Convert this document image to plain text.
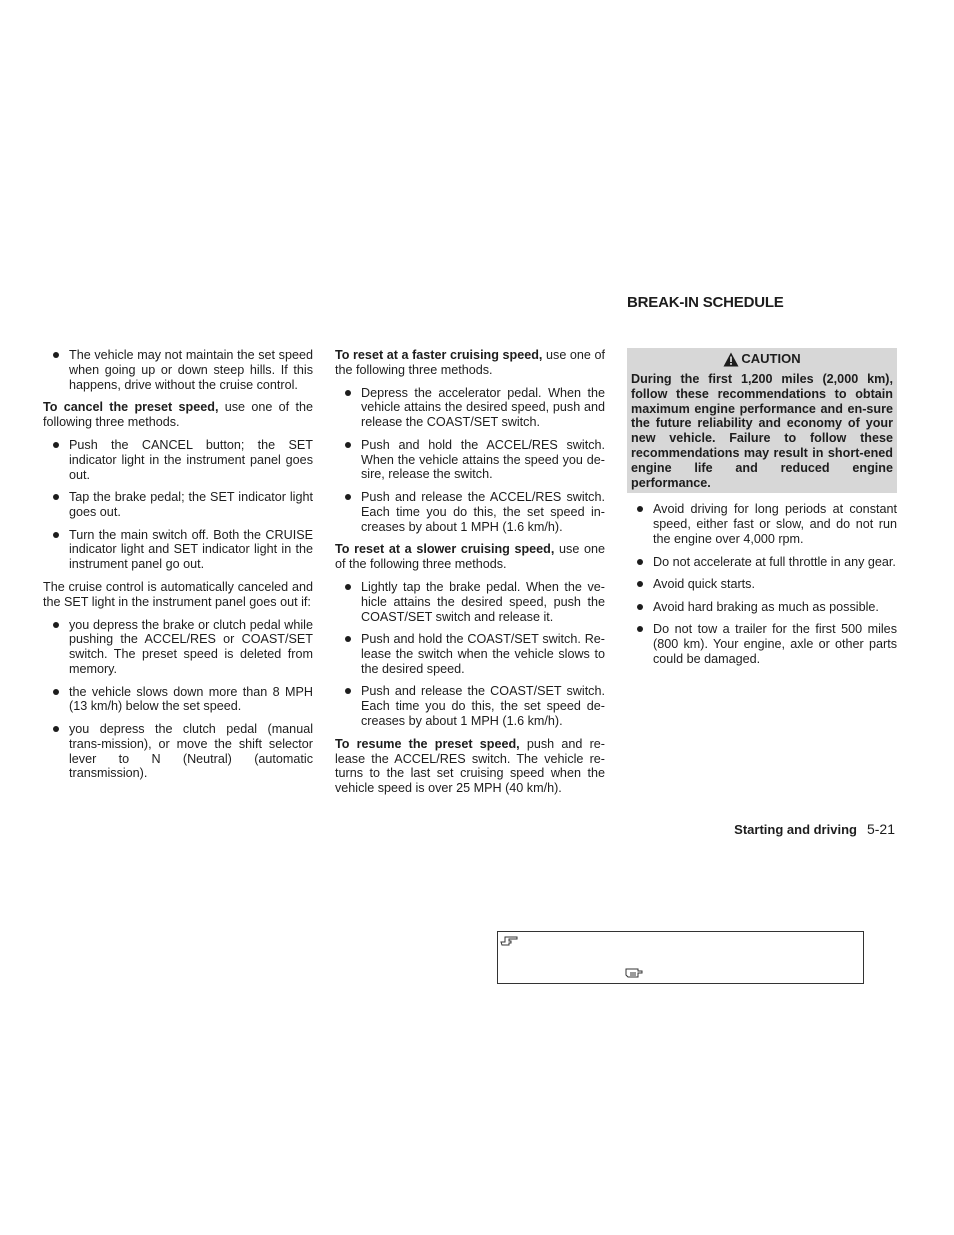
The vehicle may not maintain the set speed when going up or down steep hills. If this happens, drive without the cruise control.

To cancel the preset speed, use one of the following three methods.

Push the CANCEL button; the SET indicator light in the instrument panel goes out.
Tap the brake pedal; the SET indicator light goes out.
Turn the main switch off. Both the CRUISE indicator light and SET indicator light in the instrument panel go out.

The cruise control is automatically canceled and the SET light in the instrument panel goes out if:

you depress the brake or clutch pedal while pushing the ACCEL/RES or COAST/SET switch. The preset speed is deleted from memory.
the vehicle slows down more than 8 MPH (13 km/h) below the set speed.
you depress the clutch pedal (manual trans-mission), or move the shift selector lever to N (Neutral) (automatic transmission).

To reset at a faster cruising speed, use one of the following three methods.

Depress the accelerator pedal. When the vehicle attains the desired speed, push and release the COAST/SET switch.
Push and hold the ACCEL/RES switch. When the vehicle attains the speed you de-sire, release the switch.
Push and release the ACCEL/RES switch. Each time you do this, the set speed in-creases by about 1 MPH (1.6 km/h).

To reset at a slower cruising speed, use one of the following three methods.

Lightly tap the brake pedal. When the ve-hicle attains the desired speed, push the COAST/SET switch and release it.
Push and hold the COAST/SET switch. Re-lease the switch when the vehicle slows to the desired speed.
Push and release the COAST/SET switch. Each time you do this, the set speed de-creases by about 1 MPH (1.6 km/h).

To resume the preset speed, push and re-lease the ACCEL/RES switch. The vehicle re-turns to the last set cruising speed when the vehicle speed is over 25 MPH (40 km/h).

BREAK-IN SCHEDULE
CAUTION

During the first 1,200 miles (2,000 km), follow these recommendations to obtain maximum engine performance and en-sure the future reliability and economy of your new vehicle. Failure to follow these recommendations may result in short-ened engine life and reduced engine performance.

Avoid driving for long periods at constant speed, either fast or slow, and do not run the engine over 4,000 rpm.
Do not accelerate at full throttle in any gear.
Avoid quick starts.
Avoid hard braking as much as possible.
Do not tow a trailer for the first 500 miles (800 km). Your engine, axle or other parts could be damaged.
Starting and driving 5-21
